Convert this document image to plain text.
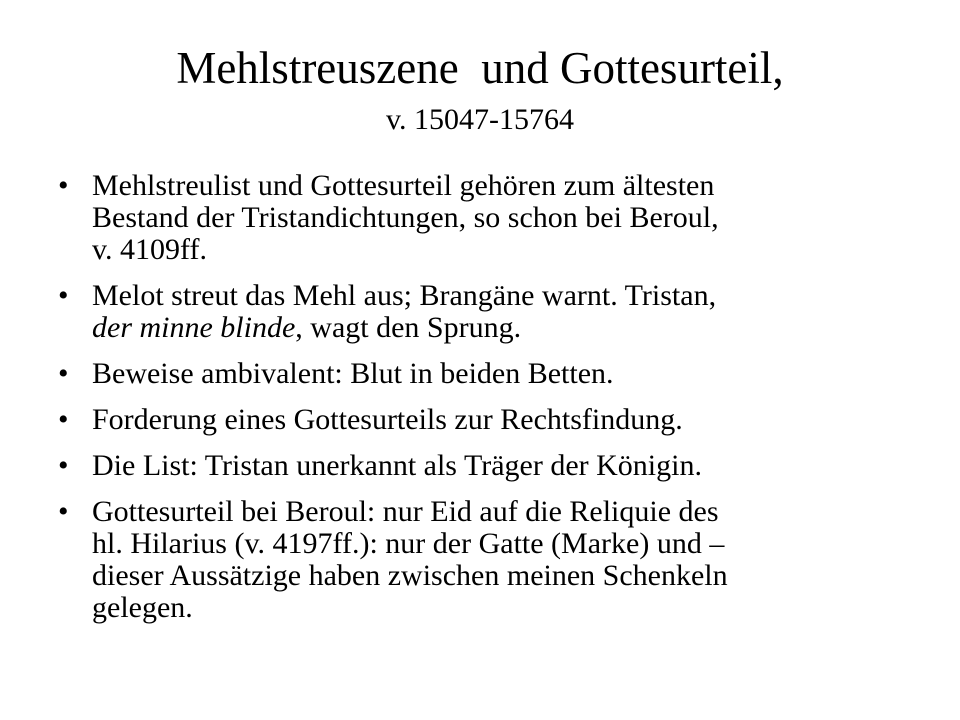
Mehlstreuszene  und Gottesurteil,
v. 15047-15764
• Mehlstreulist und Gottesurteil gehören zum ältesten
Bestand der Tristandichtungen, so schon bei Beroul,
v. 4109ff.
• Melot streut das Mehl aus; Brangäne warnt. Tristan,
der minne blinde, wagt den Sprung.
• Beweise ambivalent: Blut in beiden Betten.
• Forderung eines Gottesurteils zur Rechtsfindung.
• Die List: Tristan unerkannt als Träger der Königin.
• Gottesurteil bei Beroul: nur Eid auf die Reliquie des
hl. Hilarius (v. 4197ff.): nur der Gatte (Marke) und –
dieser Aussätzige haben zwischen meinen Schenkeln
gelegen.
